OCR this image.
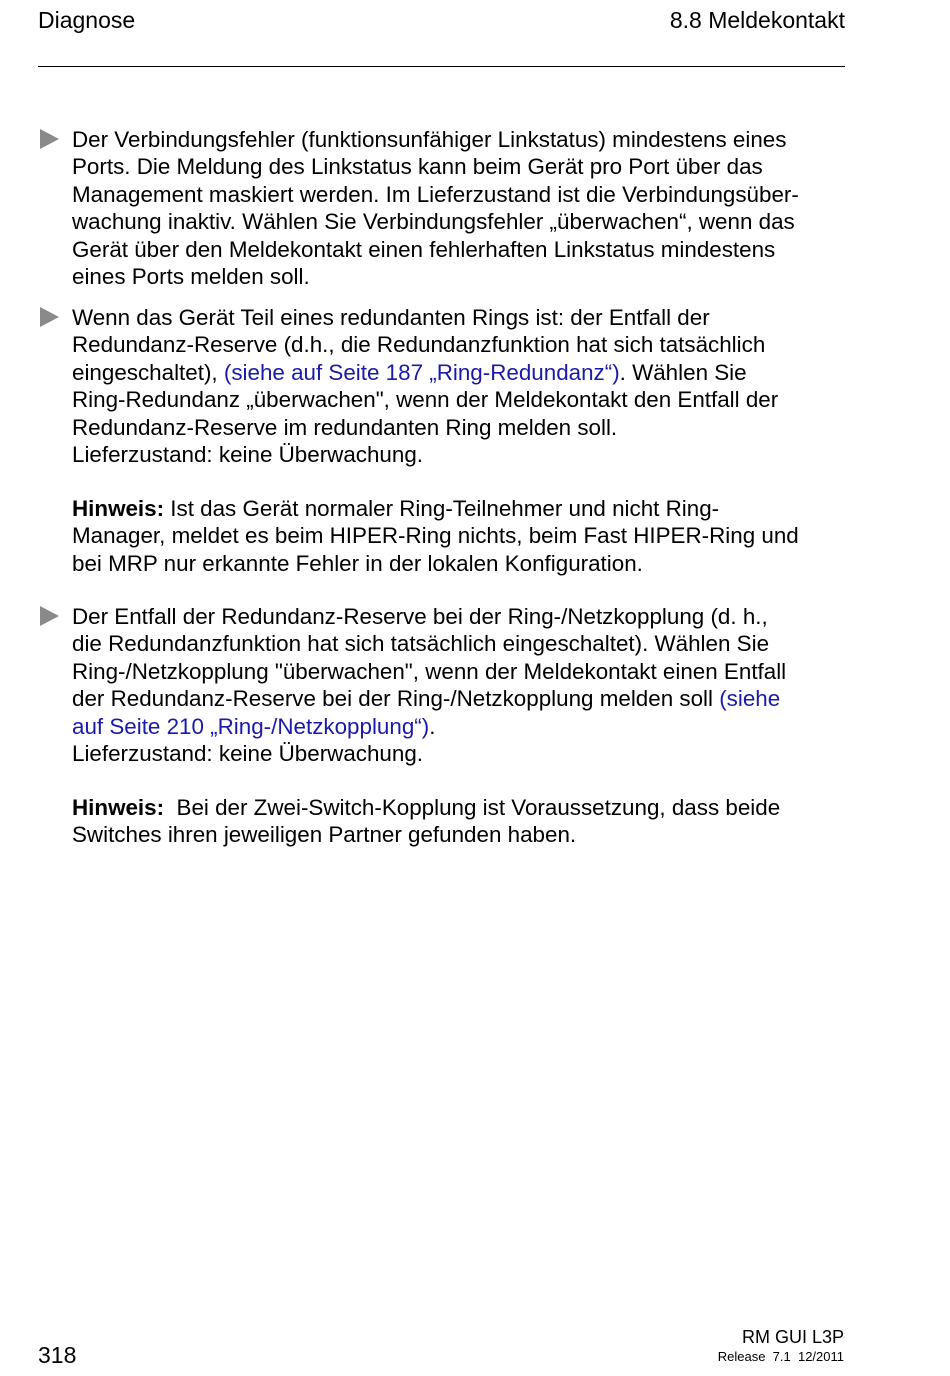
Diagnose	8.8 Meldekontakt

Der Verbindungsfehler (funktionsunfähiger Linkstatus) mindestens eines
Ports. Die Meldung des Linkstatus kann beim Gerät pro Port über das
Management maskiert werden. Im Lieferzustand ist die Verbindungsüber-
wachung inaktiv. Wählen Sie Verbindungsfehler „überwachen“, wenn das
Gerät über den Meldekontakt einen fehlerhaften Linkstatus mindestens
eines Ports melden soll.

Wenn das Gerät Teil eines redundanten Rings ist: der Entfall der
Redundanz-Reserve (d.h., die Redundanzfunktion hat sich tatsächlich
eingeschaltet), (siehe auf Seite 187 „Ring-Redundanz“). Wählen Sie
Ring-Redundanz „überwachen", wenn der Meldekontakt den Entfall der
Redundanz-Reserve im redundanten Ring melden soll.
Lieferzustand: keine Überwachung.

Hinweis: Ist das Gerät normaler Ring-Teilnehmer und nicht Ring-
Manager, meldet es beim HIPER-Ring nichts, beim Fast HIPER-Ring und
bei MRP nur erkannte Fehler in der lokalen Konfiguration.

Der Entfall der Redundanz-Reserve bei der Ring-/Netzkopplung (d. h.,
die Redundanzfunktion hat sich tatsächlich eingeschaltet). Wählen Sie
Ring-/Netzkopplung "überwachen", wenn der Meldekontakt einen Entfall
der Redundanz-Reserve bei der Ring-/Netzkopplung melden soll (siehe
auf Seite 210 „Ring-/Netzkopplung“).
Lieferzustand: keine Überwachung.

Hinweis:  Bei der Zwei-Switch-Kopplung ist Voraussetzung, dass beide
Switches ihren jeweiligen Partner gefunden haben.

318
RM GUI L3P
Release  7.1  12/2011
